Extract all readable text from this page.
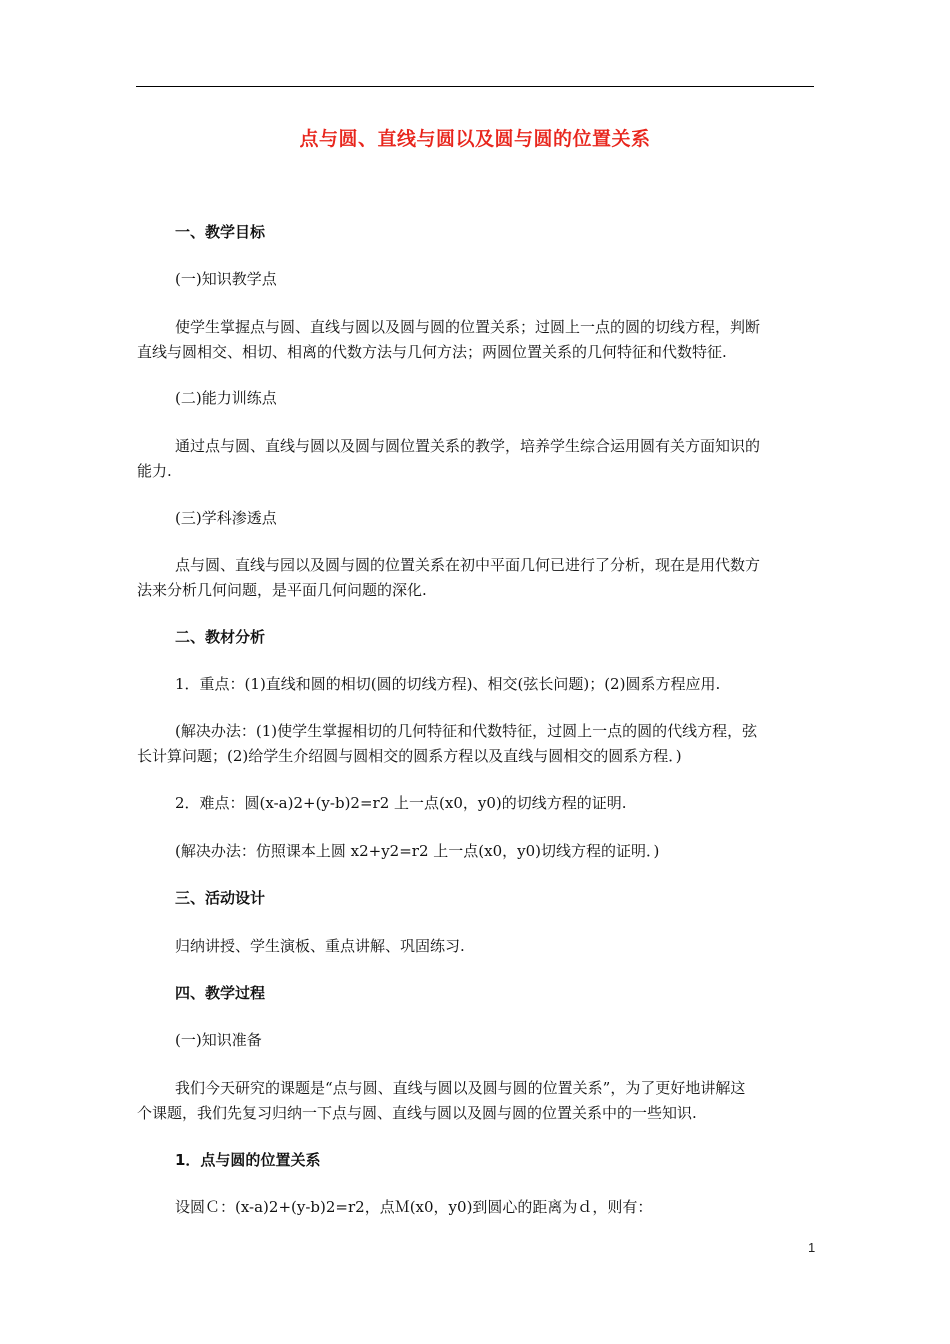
点与圆、直线与圆以及圆与圆的位置关系
一、教学目标
(一)知识教学点
使学生掌握点与圆、直线与圆以及圆与圆的位置关系；过圆上一点的圆的切线方程，判断
直线与圆相交、相切、相离的代数方法与几何方法；两圆位置关系的几何特征和代数特征.
(二)能力训练点
通过点与圆、直线与圆以及圆与圆位置关系的教学，培养学生综合运用圆有关方面知识的
能力.
(三)学科渗透点
点与圆、直线与园以及圆与圆的位置关系在初中平面几何已进行了分析，现在是用代数方
法来分析几何问题，是平面几何问题的深化.
二、教材分析
1．重点：(1)直线和圆的相切(圆的切线方程)、相交(弦长问题)；(2)圆系方程应用.
(解决办法：(1)使学生掌握相切的几何特征和代数特征，过圆上一点的圆的代线方程，弦
长计算问题；(2)给学生介绍圆与圆相交的圆系方程以及直线与圆相交的圆系方程．)
2．难点：圆(x-a)2+(y-b)2=r2 上一点(x0，y0)的切线方程的证明.
(解决办法：仿照课本上圆 x2+y2=r2 上一点(x0，y0)切线方程的证明．)
三、活动设计
归纳讲授、学生演板、重点讲解、巩固练习.
四、教学过程
(一)知识准备
我们今天研究的课题是“点与圆、直线与圆以及圆与圆的位置关系”，为了更好地讲解这
个课题，我们先复习归纳一下点与圆、直线与圆以及圆与圆的位置关系中的一些知识.
1．点与圆的位置关系
设圆Ｃ：(x-a)2+(y-b)2=r2，点Ｍ(x0，y0)到圆心的距离为ｄ，则有：
1
